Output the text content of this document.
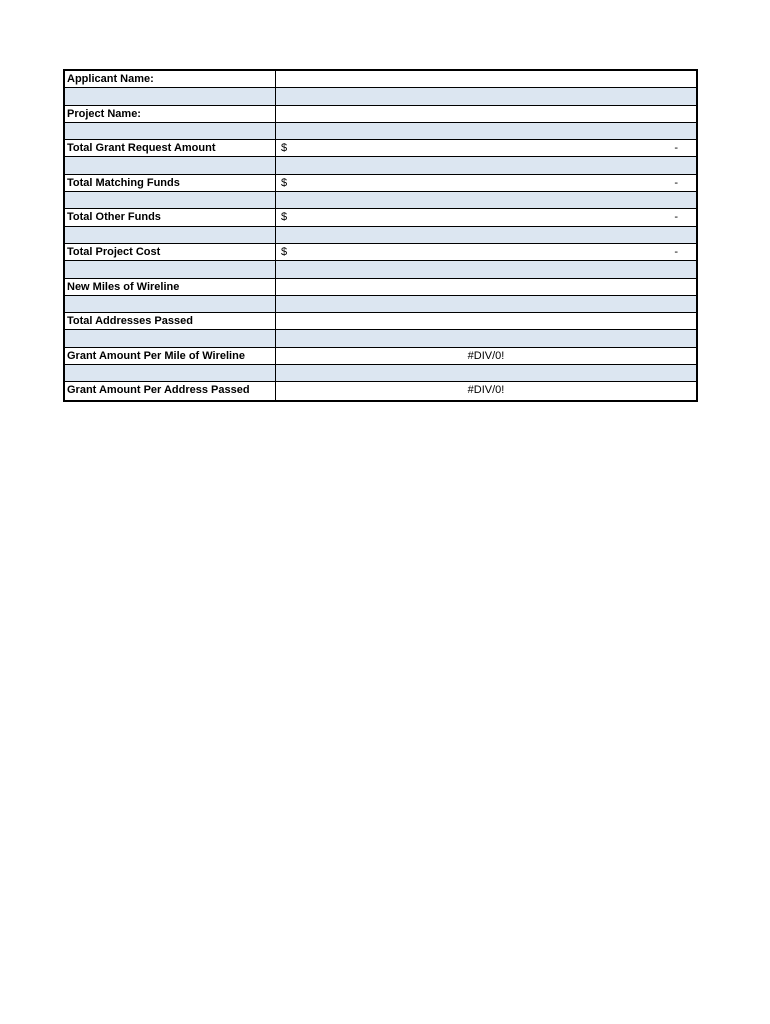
Applicant Name:
Project Name:
Total Grant Request Amount	$	-
Total Matching Funds	$	-
Total Other Funds	$	-
Total Project Cost	$	-
New Miles of Wireline
Total Addresses Passed
Grant Amount Per Mile of Wireline	#DIV/0!
Grant Amount Per Address Passed	#DIV/0!
